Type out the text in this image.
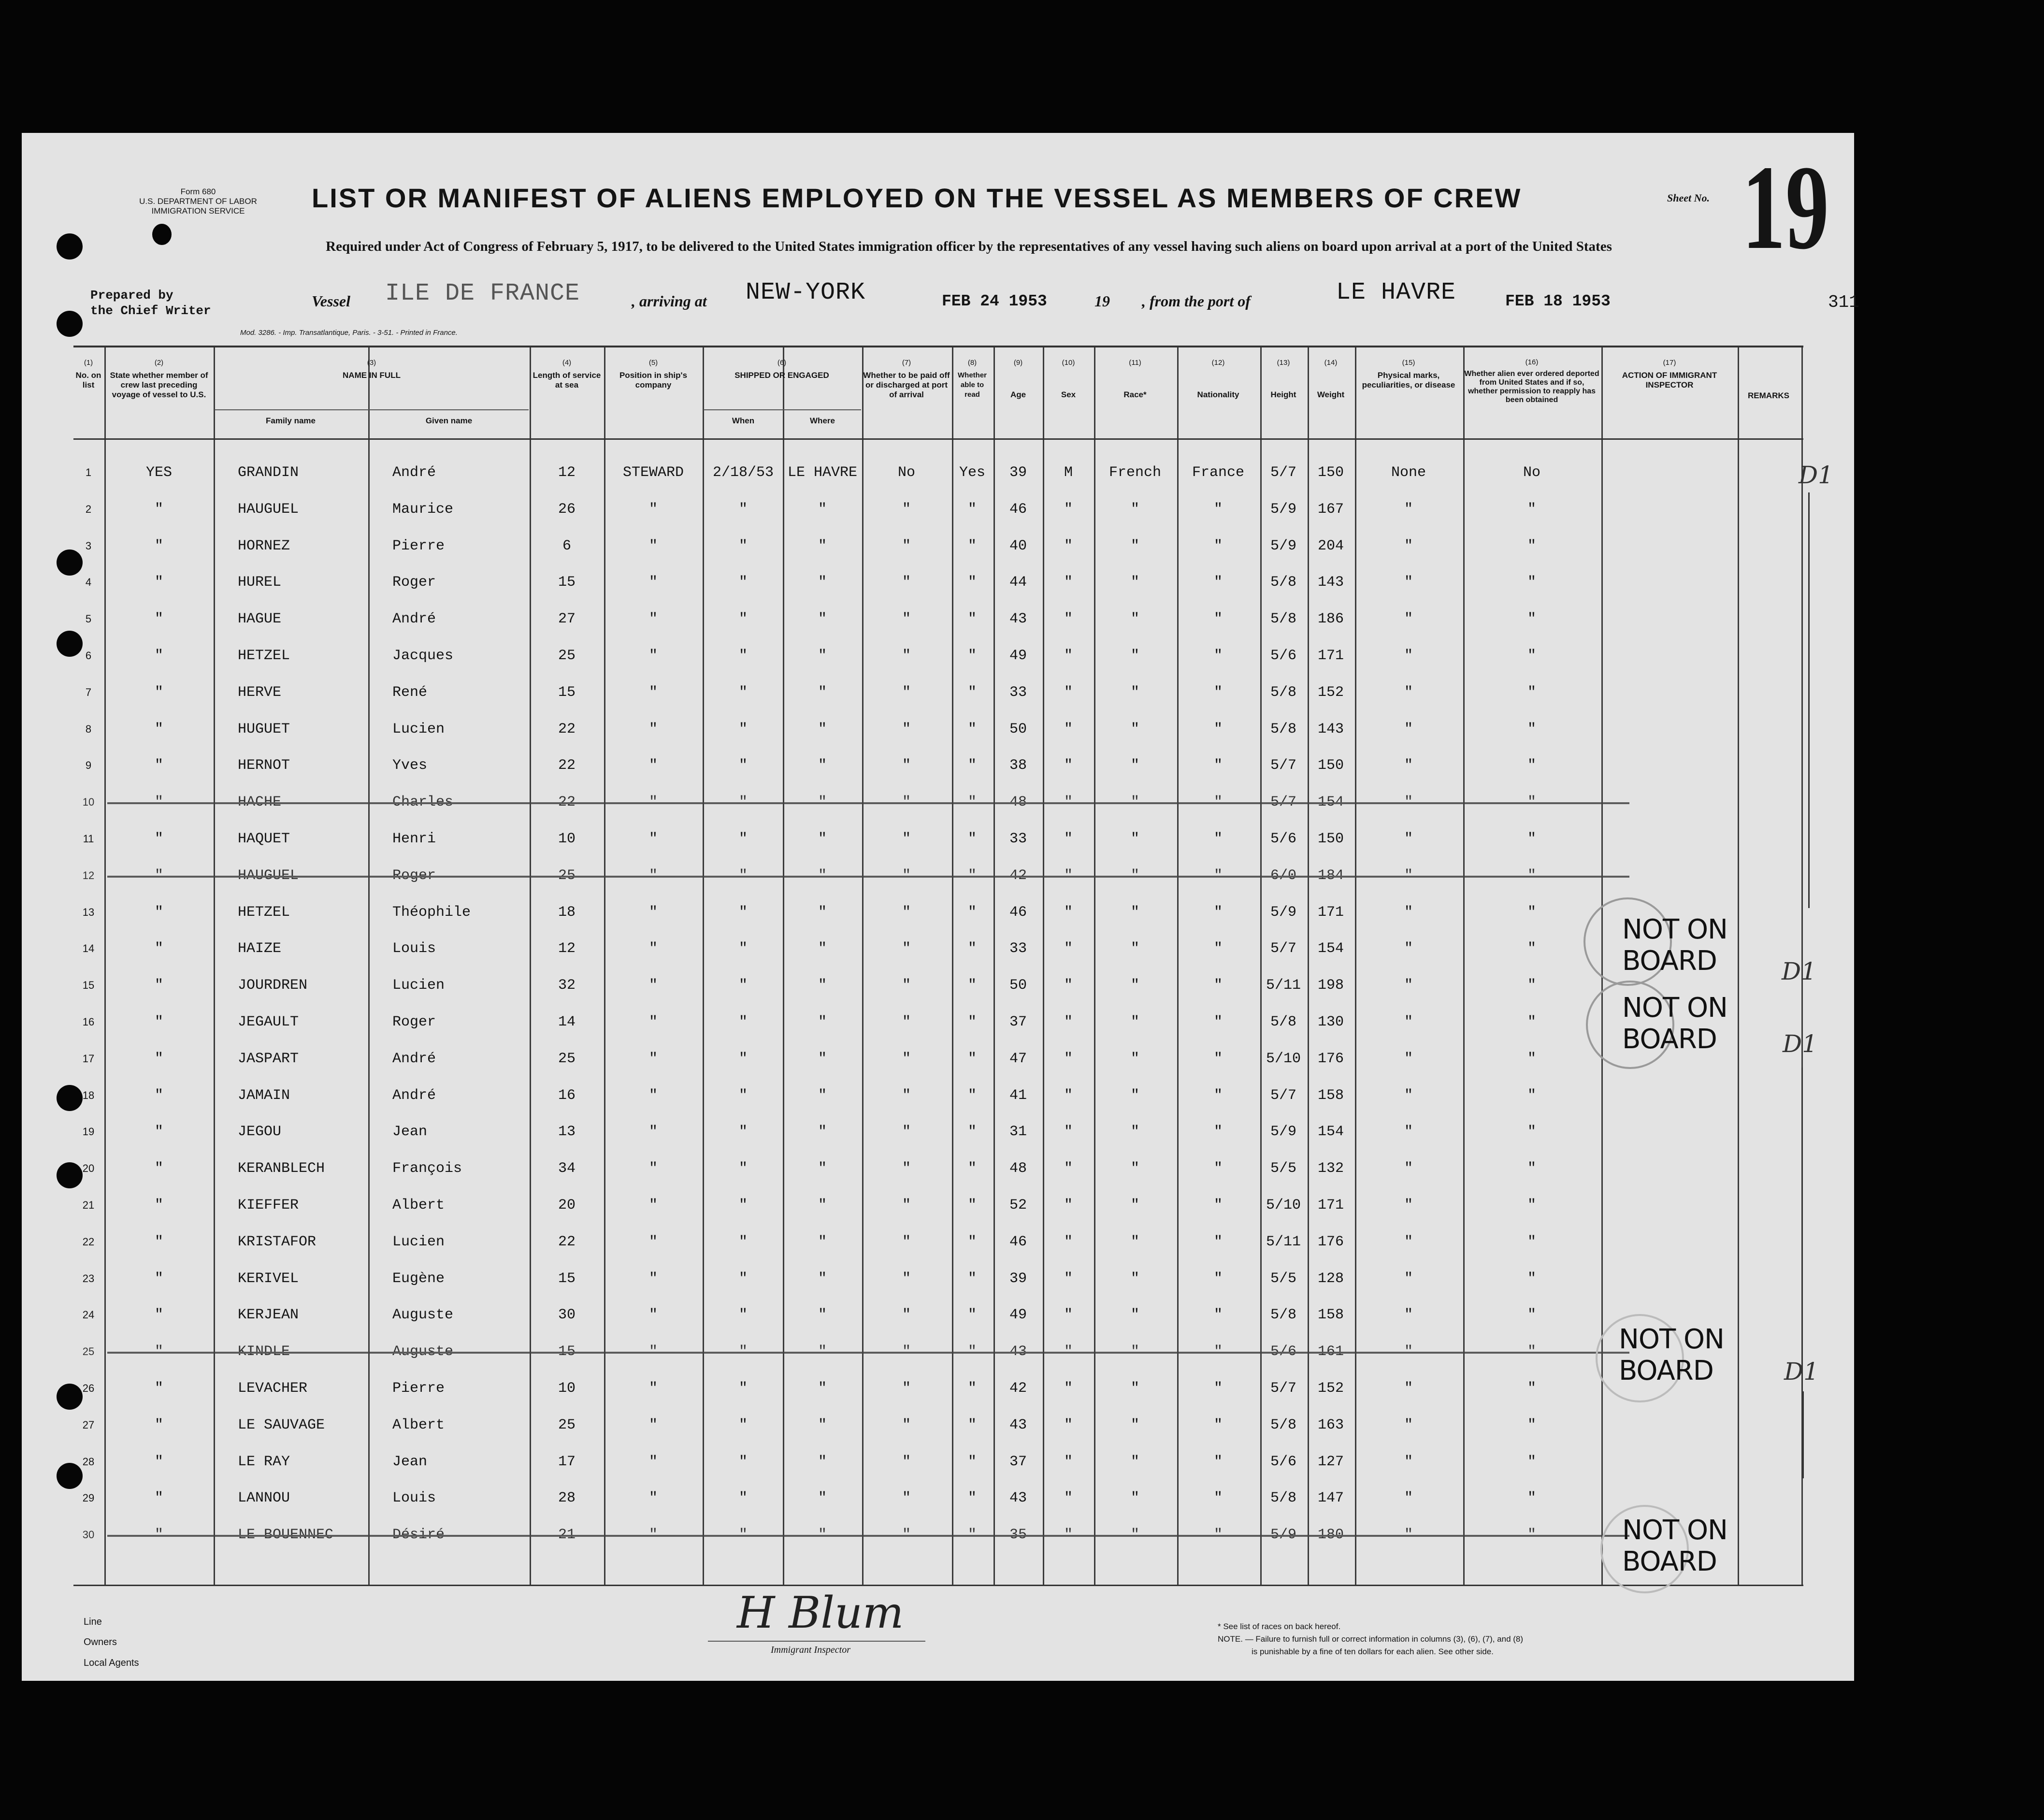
Form 680
U.S. DEPARTMENT OF LABOR
IMMIGRATION SERVICE	LIST OR MANIFEST OF ALIENS EMPLOYED ON THE VESSEL AS MEMBERS OF CREW
Required under Act of Congress of February 5, 1917, to be delivered to the United States immigration officer by the representatives of any vessel having such aliens on board upon arrival at a port of the United States
Sheet No. 19
Prepared by
the Chief Writer
Vessel ILE DE FRANCE	, arriving at NEW-YORK	FEB 24 1953	19 , from the port of	LE HAVRE	FEB 18 1953	311
Mod. 3286. - Imp. Transatlantique, Paris. - 3-51. - Printed in France.
(1)
No. on list
(2)
State whether member of crew last preceding voyage of vessel to U.S.
(3)
NAME IN FULL
Family name	Given name
(4)
Length of service at sea
(5)
Position in ship's company
(6)
SHIPPED OR ENGAGED
When	Where
(7)
Whether to be paid off or discharged at port of arrival
(8)
Whether able to read
(9)

Age
(10)

Sex
(11)

Race*
(12)

Nationality
(13)

Height
(14)

Weight
(15)
Physical marks, peculiarities, or disease
(16)
Whether alien ever ordered deported from United States and if so, whether permission to reapply has been obtained
(17)
ACTION OF IMMIGRANT INSPECTOR
REMARKS
1	YES	GRANDIN	André	12	STEWARD	2/18/53 LE HAVRE	No	Yes	39	M	French	France	5/7	150	None	No
2	"	HAUGUEL	Maurice	26	"	"	"	"	"	46	"	"	"	5/9	167	"	"
3	"	HORNEZ	Pierre	6	"	"	"	"	"	40	"	"	"	5/9	204	"	"
4	"	HUREL	Roger	15	"	"	"	"	"	44	"	"	"	5/8	143	"	"
5	"	HAGUE	André	27	"	"	"	"	"	43	"	"	"	5/8	186	"	"
6	"	HETZEL	Jacques	25	"	"	"	"	"	49	"	"	"	5/6	171	"	"
7	"	HERVE	René	15	"	"	"	"	"	33	"	"	"	5/8	152	"	"
8	"	HUGUET	Lucien	22	"	"	"	"	"	50	"	"	"	5/8	143	"	"
9	"	HERNOT	Yves	22	"	"	"	"	"	38	"	"	"	5/7	150	"	"
10	"	HACHE	Charles	22	"	"	"	"	"	48	"	"	"	5/7	154	"	"
11	"	HAQUET	Henri	10	"	"	"	"	"	33	"	"	"	5/6	150	"	"
12	"	HAUGUEL	Roger	25	"	"	"	"	"	42	"	"	"	6/0	184	"	"
13	"	HETZEL	Théophile	18	"	"	"	"	"	46	"	"	"	5/9	171	"	"
14	"	HAIZE	Louis	12	"	"	"	"	"	33	"	"	"	5/7	154	"	"
15	"	JOURDREN	Lucien	32	"	"	"	"	"	50	"	"	"	5/11	198	"	"
16	"	JEGAULT	Roger	14	"	"	"	"	"	37	"	"	"	5/8	130	"	"
17	"	JASPART	André	25	"	"	"	"	"	47	"	"	"	5/10	176	"	"
18	"	JAMAIN	André	16	"	"	"	"	"	41	"	"	"	5/7	158	"	"
19	"	JEGOU	Jean	13	"	"	"	"	"	31	"	"	"	5/9	154	"	"
20	"	KERANBLECH	François	34	"	"	"	"	"	48	"	"	"	5/5	132	"	"
21	"	KIEFFER	Albert	20	"	"	"	"	"	52	"	"	"	5/10	171	"	"
22	"	KRISTAFOR	Lucien	22	"	"	"	"	"	46	"	"	"	5/11	176	"	"
23	"	KERIVEL	Eugène	15	"	"	"	"	"	39	"	"	"	5/5	128	"	"
24	"	KERJEAN	Auguste	30	"	"	"	"	"	49	"	"	"	5/8	158	"	"
25	"	KINDLE	Auguste	15	"	"	"	"	"	43	"	"	"	5/6	161	"	"
26	"	LEVACHER	Pierre	10	"	"	"	"	"	42	"	"	"	5/7	152	"	"
27	"	LE SAUVAGE	Albert	25	"	"	"	"	"	43	"	"	"	5/8	163	"	"
28	"	LE RAY	Jean	17	"	"	"	"	"	37	"	"	"	5/6	127	"	"
29	"	LANNOU	Louis	28	"	"	"	"	"	43	"	"	"	5/8	147	"	"
30	"	LE BOUENNEC	Désiré	21	"	"	"	"	"	35	"	"	"	5/9	180	"	"
NOT ON BOARD
NOT ON BOARD
NOT ON BOARD
NOT ON BOARD
D1
D1
D1
D1
Line
Owners
Local Agents
H Blum
Immigrant Inspector
* See list of races on back hereof.
NOTE. — Failure to furnish full or correct information in columns (3), (6), (7), and (8)
is punishable by a fine of ten dollars for each alien. See other side.
